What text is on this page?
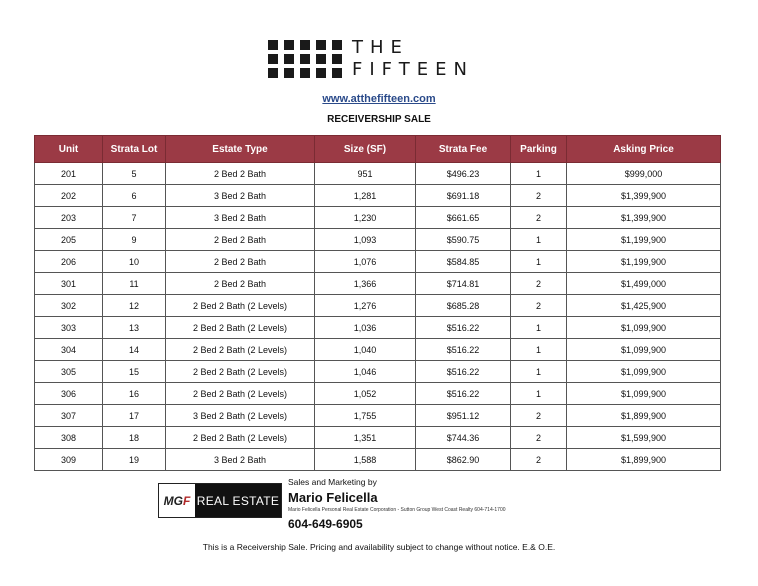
THE
FIFTEEN
www.atthefifteen.com
RECEIVERSHIP SALE
Unit	Strata Lot	Estate Type	Size (SF)	Strata Fee	Parking	Asking Price
201	5	2 Bed 2 Bath	951	$496.23	1	$999,000
202	6	3 Bed 2 Bath	1,281	$691.18	2	$1,399,900
203	7	3 Bed 2 Bath	1,230	$661.65	2	$1,399,900
205	9	2 Bed 2 Bath	1,093	$590.75	1	$1,199,900
206	10	2 Bed 2 Bath	1,076	$584.85	1	$1,199,900
301	11	2 Bed 2 Bath	1,366	$714.81	2	$1,499,000
302	12	2 Bed 2 Bath (2 Levels)	1,276	$685.28	2	$1,425,900
303	13	2 Bed 2 Bath (2 Levels)	1,036	$516.22	1	$1,099,900
304	14	2 Bed 2 Bath (2 Levels)	1,040	$516.22	1	$1,099,900
305	15	2 Bed 2 Bath (2 Levels)	1,046	$516.22	1	$1,099,900
306	16	2 Bed 2 Bath (2 Levels)	1,052	$516.22	1	$1,099,900
307	17	3 Bed 2 Bath (2 Levels)	1,755	$951.12	2	$1,899,900
308	18	2 Bed 2 Bath (2 Levels)	1,351	$744.36	2	$1,599,900
309	19	3 Bed 2 Bath	1,588	$862.90	2	$1,899,900
MG F REAL ESTATE
Sales and Marketing by
Mario Felicella
Mario Felicella Personal Real Estate Corporation - Sutton Group West Coast Realty 604-714-1700
604-649-6905
This is a Receivership Sale. Pricing and availability subject to change without notice. E.& O.E.
